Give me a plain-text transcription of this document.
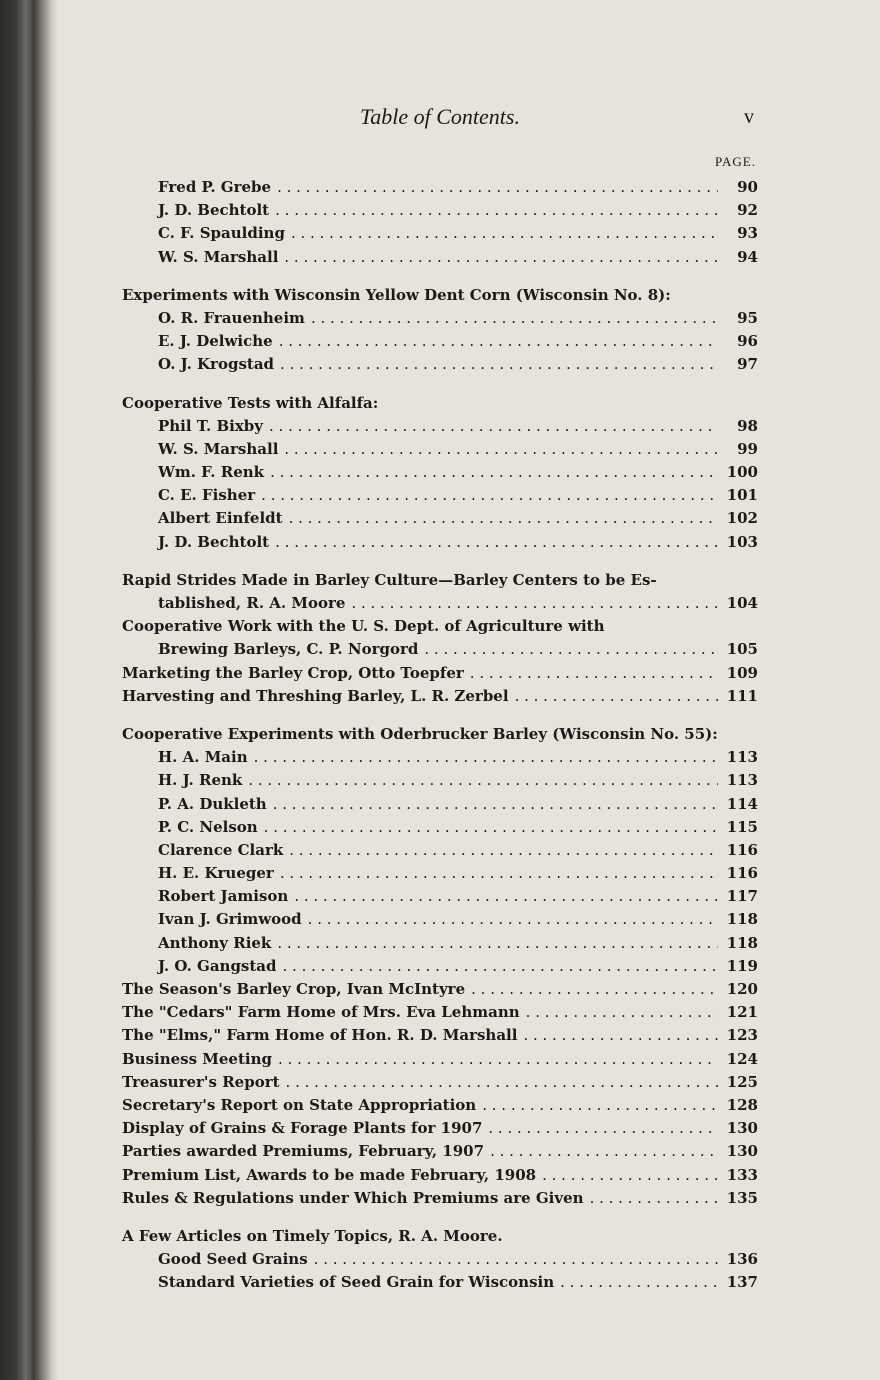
Table of Contents.	v
PAGE.
Fred P. Grebe . . .	90
J. D. Bechtolt . . .	92
C. F. Spaulding . . .	93
W. S. Marshall . . .	94
Experiments with Wisconsin Yellow Dent Corn (Wisconsin No. 8):
O. R. Frauenheim . . .	95
E. J. Delwiche . . .	96
O. J. Krogstad . . .	97
Cooperative Tests with Alfalfa:
Phil T. Bixby . . .	98
W. S. Marshall . . .	99
Wm. F. Renk . . .	100
C. E. Fisher . . .	101
Albert Einfeldt . . .	102
J. D. Bechtolt . . .	103
Rapid Strides Made in Barley Culture—Barley Centers to be Es-
tablished, R. A. Moore . . .	104
Cooperative Work with the U. S. Dept. of Agriculture with
Brewing Barleys, C. P. Norgord . . .	105
Marketing the Barley Crop, Otto Toepfer . . .	109
Harvesting and Threshing Barley, L. R. Zerbel . . .	111
Cooperative Experiments with Oderbrucker Barley (Wisconsin No. 55):
H. A. Main . . .	113
H. J. Renk . . .	113
P. A. Dukleth . . .	114
P. C. Nelson . . .	115
Clarence Clark . . .	116
H. E. Krueger . . .	116
Robert Jamison . . .	117
Ivan J. Grimwood . . .	118
Anthony Riek . . .	118
J. O. Gangstad . . .	119
The Season's Barley Crop, Ivan McIntyre . . .	120
The "Cedars" Farm Home of Mrs. Eva Lehmann . . .	121
The "Elms," Farm Home of Hon. R. D. Marshall . . .	123
Business Meeting . . .	124
Treasurer's Report . . .	125
Secretary's Report on State Appropriation . . .	128
Display of Grains & Forage Plants for 1907 . . .	130
Parties awarded Premiums, February, 1907 . . .	130
Premium List, Awards to be made February, 1908 . . .	133
Rules & Regulations under Which Premiums are Given . . .	135
A Few Articles on Timely Topics, R. A. Moore.
Good Seed Grains . . .	136
Standard Varieties of Seed Grain for Wisconsin . . .	137
